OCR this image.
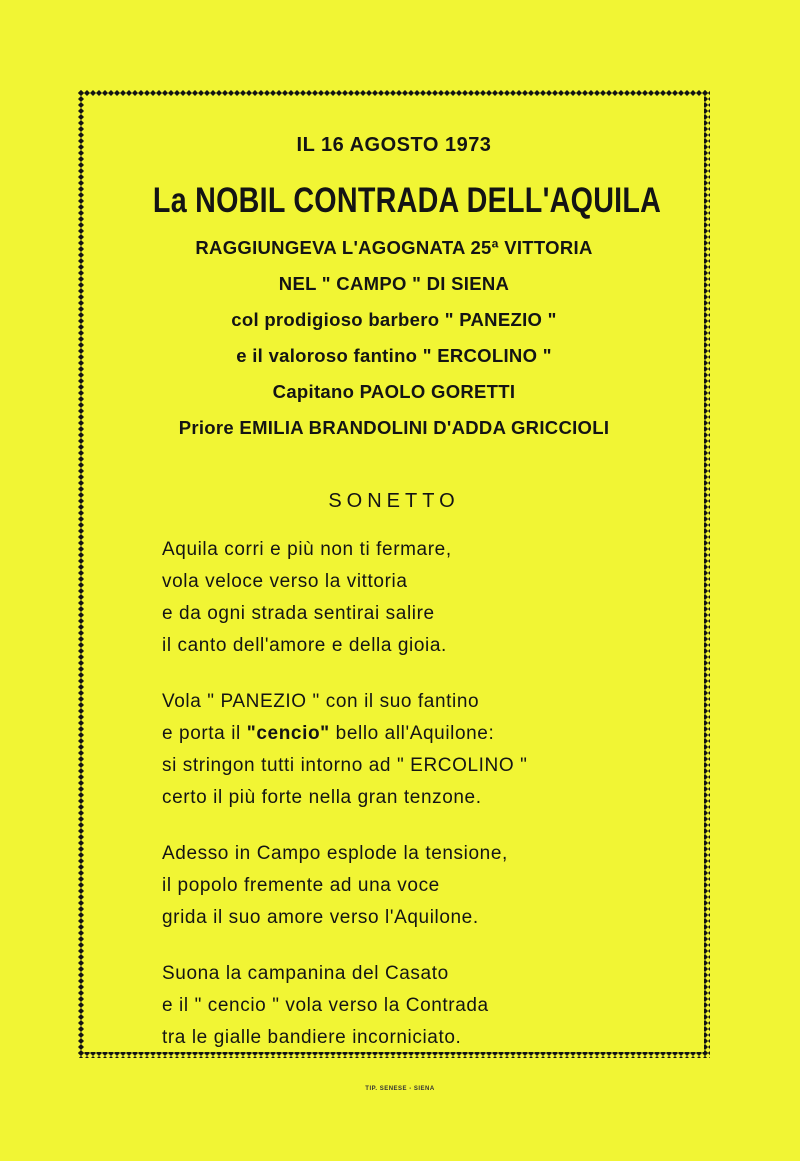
IL 16 AGOSTO 1973
La NOBIL CONTRADA DELL'AQUILA
RAGGIUNGEVA L'AGOGNATA 25ª VITTORIA
NEL " CAMPO " DI SIENA
col prodigioso barbero " PANEZIO "
e il valoroso fantino " ERCOLINO "
Capitano PAOLO GORETTI
Priore EMILIA BRANDOLINI D'ADDA GRICCIOLI
SONETTO
Aquila corri e più non ti fermare,
vola veloce verso la vittoria
e da ogni strada sentirai salire
il canto dell'amore e della gioia.
Vola " PANEZIO " con il suo fantino
e porta il "cencio" bello all'Aquilone:
si stringon tutti intorno ad " ERCOLINO "
certo il più forte nella gran tenzone.
Adesso in Campo esplode la tensione,
il popolo fremente ad una voce
grida il suo amore verso l'Aquilone.
Suona la campanina del Casato
e il " cencio " vola verso la Contrada
tra le gialle bandiere incorniciato.
TIP. SENESE - SIENA
